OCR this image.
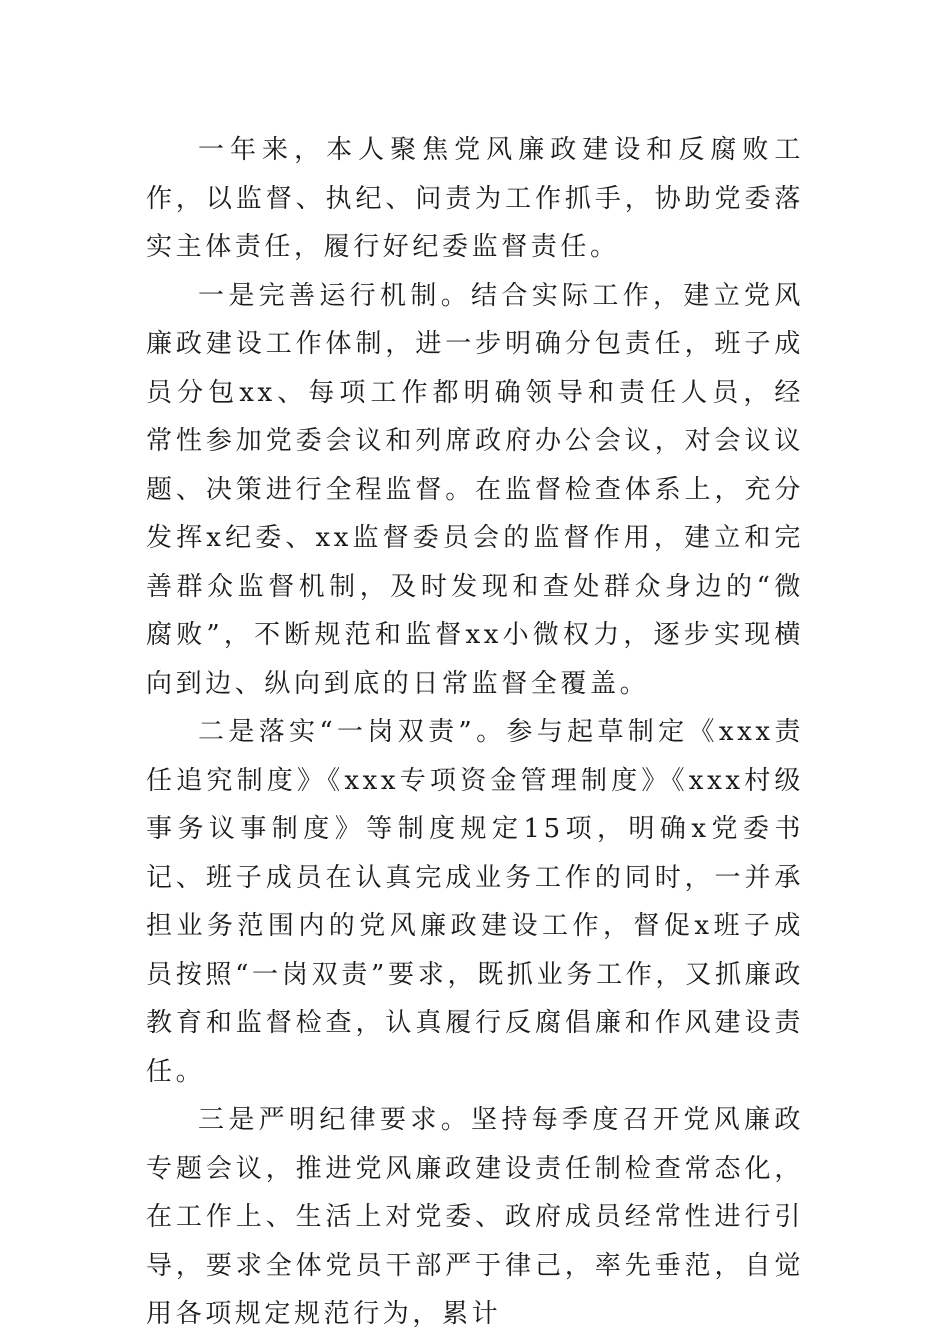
一年来，本人聚焦党风廉政建设和反腐败工作，以监督、执纪、问责为工作抓手，协助党委落实主体责任，履行好纪委监督责任。

一是完善运行机制。结合实际工作，建立党风廉政建设工作体制，进一步明确分包责任，班子成员分包xx、每项工作都明确领导和责任人员，经常性参加党委会议和列席政府办公会议，对会议议题、决策进行全程监督。在监督检查体系上，充分发挥x纪委、xx监督委员会的监督作用，建立和完善群众监督机制，及时发现和查处群众身边的“微腐败”，不断规范和监督xx小微权力，逐步实现横向到边、纵向到底的日常监督全覆盖。

二是落实“一岗双责”。参与起草制定《xxx责任追究制度》《xxx专项资金管理制度》《xxx村级事务议事制度》等制度规定15项，明确x党委书记、班子成员在认真完成业务工作的同时，一并承担业务范围内的党风廉政建设工作，督促x班子成员按照“一岗双责”要求，既抓业务工作，又抓廉政教育和监督检查，认真履行反腐倡廉和作风建设责任。

三是严明纪律要求。坚持每季度召开党风廉政专题会议，推进党风廉政建设责任制检查常态化，在工作上、生活上对党委、政府成员经常性进行引导，要求全体党员干部严于律己，率先垂范，自觉用各项规定规范行为，累计
